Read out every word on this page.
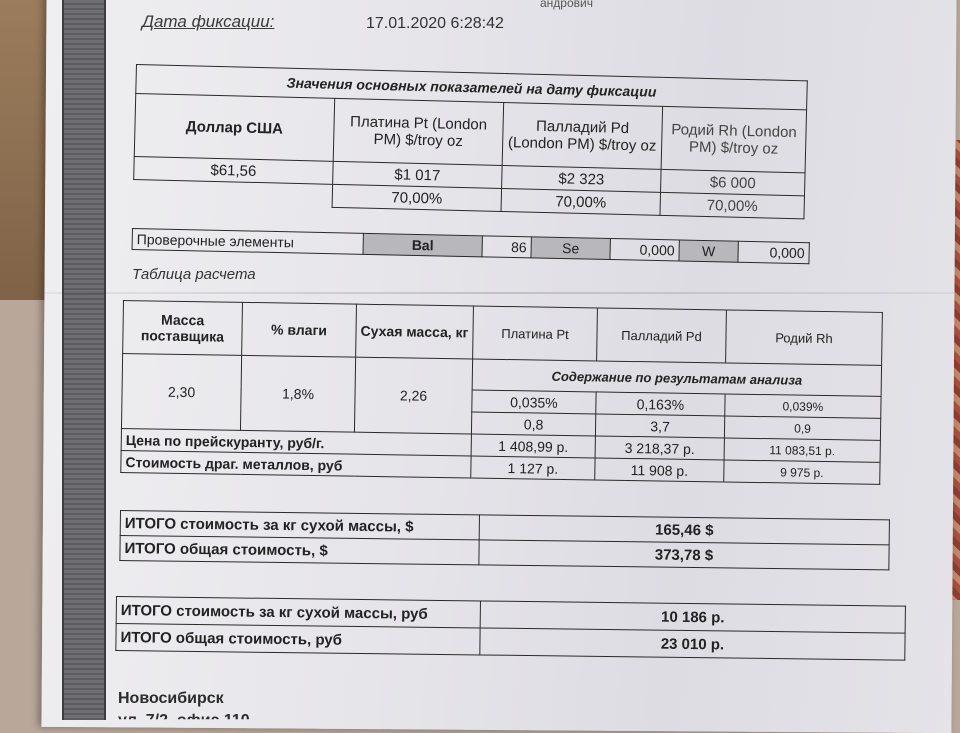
андрович
Дата фиксации:	17.01.2020 6:28:42
Значения основных показателей на дату фиксации			
Доллар США	Платина Pt (London PM) $/troy oz	Палладий Pd (London PM) $/troy oz	Родий Rh (London PM) $/troy oz
$61,56	$1 017	$2 323	$6 000
	70,00%	70,00%	70,00%
Проверочные элементы	Bal	86	Se	0,000	W	0,000
Таблица расчета
Масса поставщика	% влаги	Сухая масса, кг	Платина Pt	Палладий Pd	Родий Rh
2,30	1,8%	2,26	Содержание по результатам анализа		
			0,035%	0,163%	0,039%
			0,8	3,7	0,9
Цена по прейскуранту, руб/г.			1 408,99 р.	3 218,37 р.	11 083,51 р.
Стоимость драг. металлов, руб			1 127 р.	11 908 р.	9 975 р.
ИТОГО стоимость за кг сухой массы, $	165,46 $
ИТОГО общая стоимость, $	373,78 $
ИТОГО стоимость за кг сухой массы, руб	10 186 р.
ИТОГО общая стоимость, руб	23 010 р.
Новосибирск
